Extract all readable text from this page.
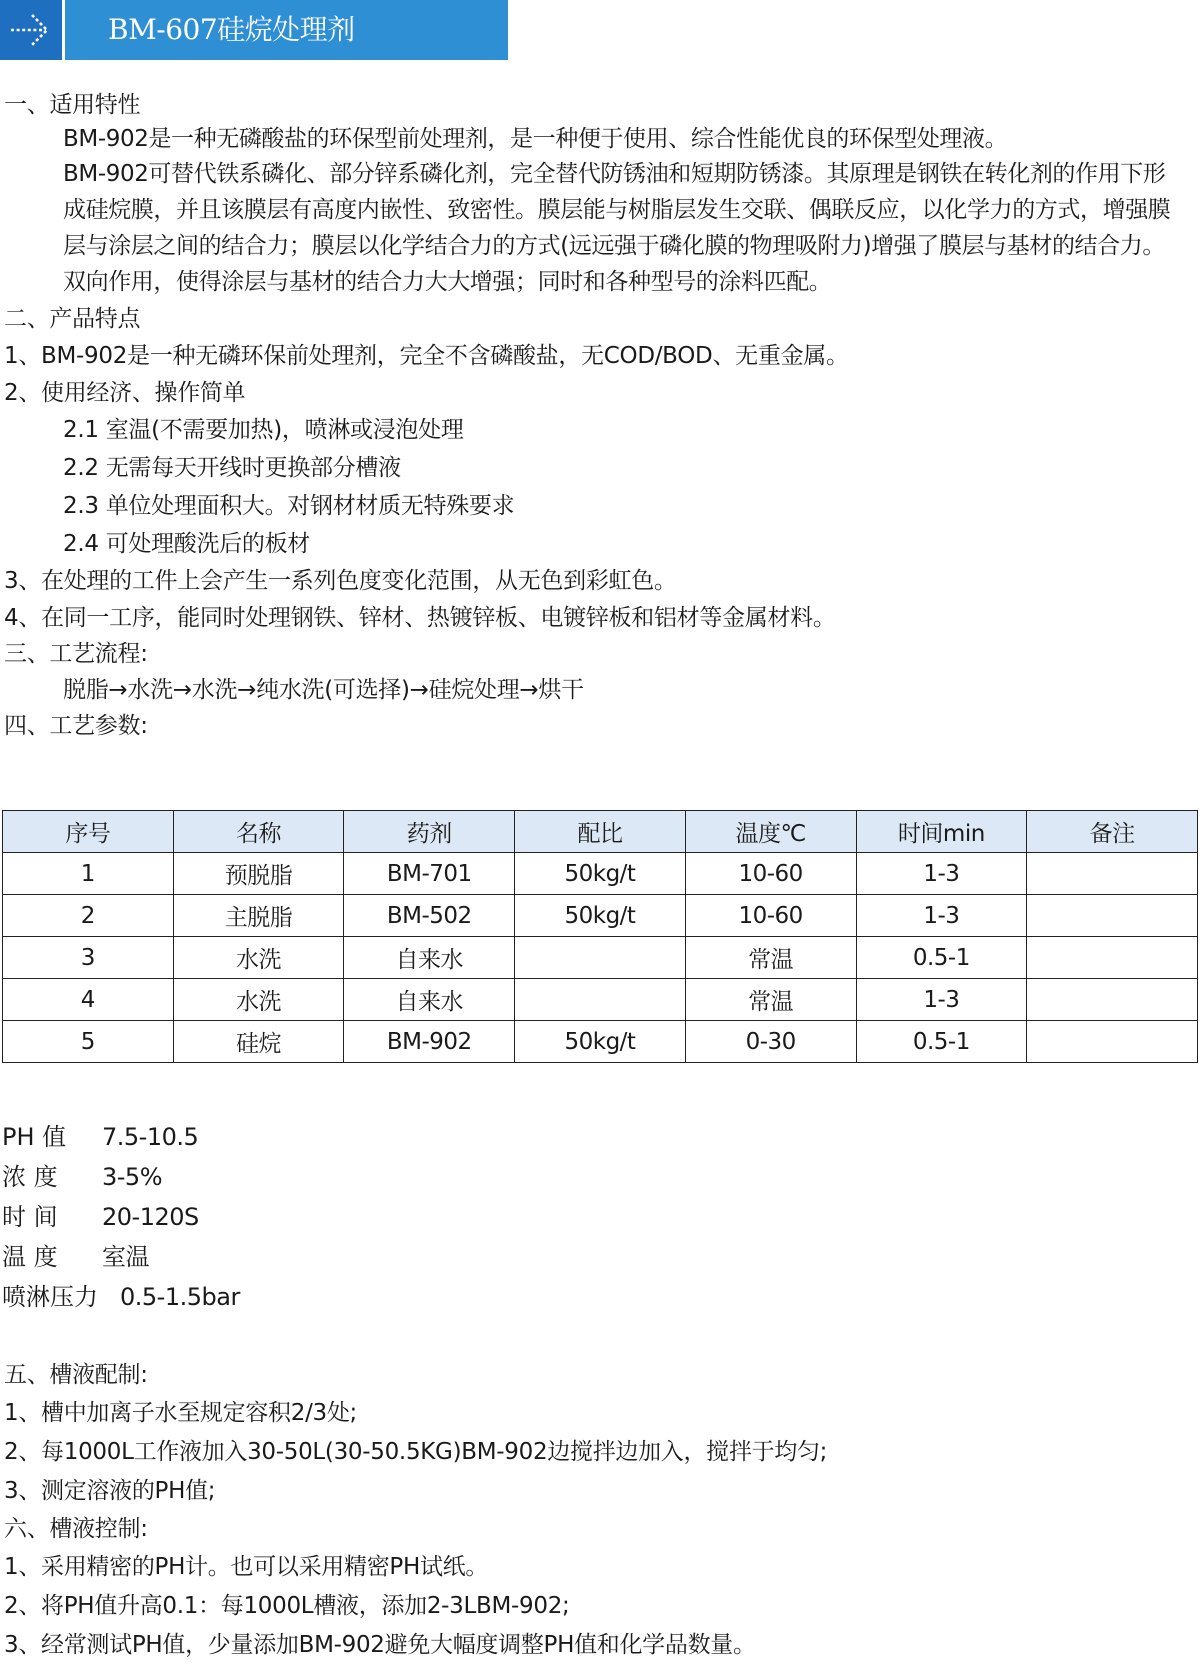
BM-607硅烷处理剂
一、适用特性
BM-902是一种无磷酸盐的环保型前处理剂，是一种便于使用、综合性能优良的环保型处理液。
BM-902可替代铁系磷化、部分锌系磷化剂，完全替代防锈油和短期防锈漆。其原理是钢铁在转化剂的作用下形成硅烷膜，并且该膜层有高度内嵌性、致密性。膜层能与树脂层发生交联、偶联反应，以化学力的方式，增强膜层与涂层之间的结合力；膜层以化学结合力的方式(远远强于磷化膜的物理吸附力)增强了膜层与基材的结合力。双向作用，使得涂层与基材的结合力大大增强；同时和各种型号的涂料匹配。
二、产品特点
1、BM-902是一种无磷环保前处理剂，完全不含磷酸盐，无COD/BOD、无重金属。
2、使用经济、操作简单
2.1 室温(不需要加热)，喷淋或浸泡处理
2.2 无需每天开线时更换部分槽液
2.3 单位处理面积大。对钢材材质无特殊要求
2.4 可处理酸洗后的板材
3、在处理的工件上会产生一系列色度变化范围，从无色到彩虹色。
4、在同一工序，能同时处理钢铁、锌材、热镀锌板、电镀锌板和铝材等金属材料。
三、工艺流程:
脱脂→水洗→水洗→纯水洗(可选择)→硅烷处理→烘干
四、工艺参数:
序号	名称	药剂	配比	温度℃	时间min	备注
1	预脱脂	BM-701	50kg/t	10-60	1-3	
2	主脱脂	BM-502	50kg/t	10-60	1-3	
3	水洗	自来水		常温	0.5-1	
4	水洗	自来水		常温	1-3	
5	硅烷	BM-902	50kg/t	0-30	0.5-1	
PH 值 7.5-10.5
浓 度 3-5%
时 间 20-120S
温 度 室温
喷淋压力 0.5-1.5bar
五、槽液配制:
1、槽中加离子水至规定容积2/3处;
2、每1000L工作液加入30-50L(30-50.5KG)BM-902边搅拌边加入，搅拌于均匀;
3、测定溶液的PH值;
六、槽液控制:
1、采用精密的PH计。也可以采用精密PH试纸。
2、将PH值升高0.1：每1000L槽液，添加2-3LBM-902;
3、经常测试PH值，少量添加BM-902避免大幅度调整PH值和化学品数量。
